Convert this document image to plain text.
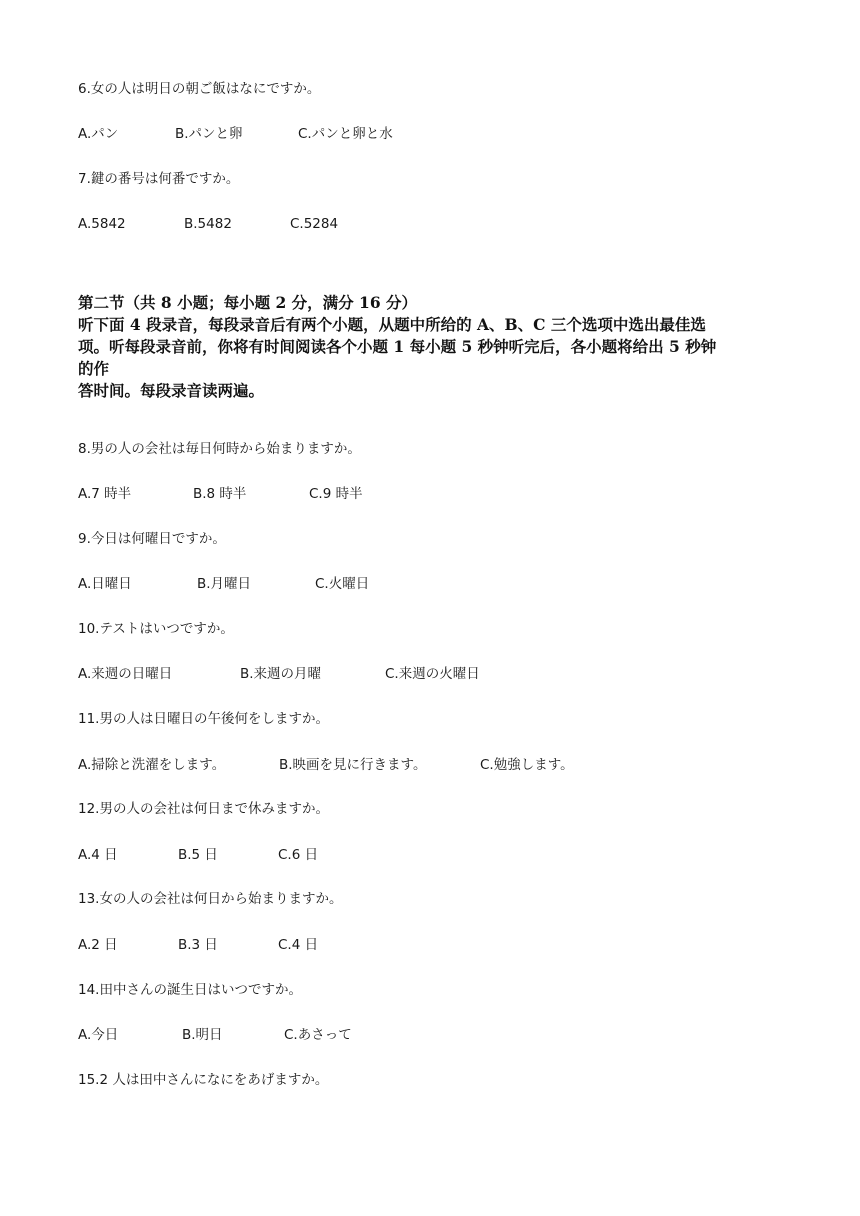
6.女の人は明日の朝ご飯はなにですか。
A.パン	B.パンと卵	C.パンと卵と水
7.鍵の番号は何番ですか。
A.5842	B.5482	C.5284
第二节（共 8 小题；每小题 2 分，满分 16 分）
听下面 4 段录音，每段录音后有两个小题，从题中所给的 A、B、C 三个选项中选出最佳选
项。听每段录音前，你将有时间阅读各个小题 1 每小题 5 秒钟听完后，各小题将给出 5 秒钟
的作
答时间。每段录音读两遍。
8.男の人の会社は毎日何時から始まりますか。
A.7 時半	B.8 時半	C.9 時半
9.今日は何曜日ですか。
A.日曜日	B.月曜日	C.火曜日
10.テストはいつですか。
A.来週の日曜日	B.来週の月曜	C.来週の火曜日
11.男の人は日曜日の午後何をしますか。
A.掃除と洗濯をします。	B.映画を見に行きます。	C.勉強します。
12.男の人の会社は何日まで休みますか。
A.4 日	B.5 日	C.6 日
13.女の人の会社は何日から始まりますか。
A.2 日	B.3 日	C.4 日
14.田中さんの誕生日はいつですか。
A.今日	B.明日	C.あさって
15.2 人は田中さんになにをあげますか。
